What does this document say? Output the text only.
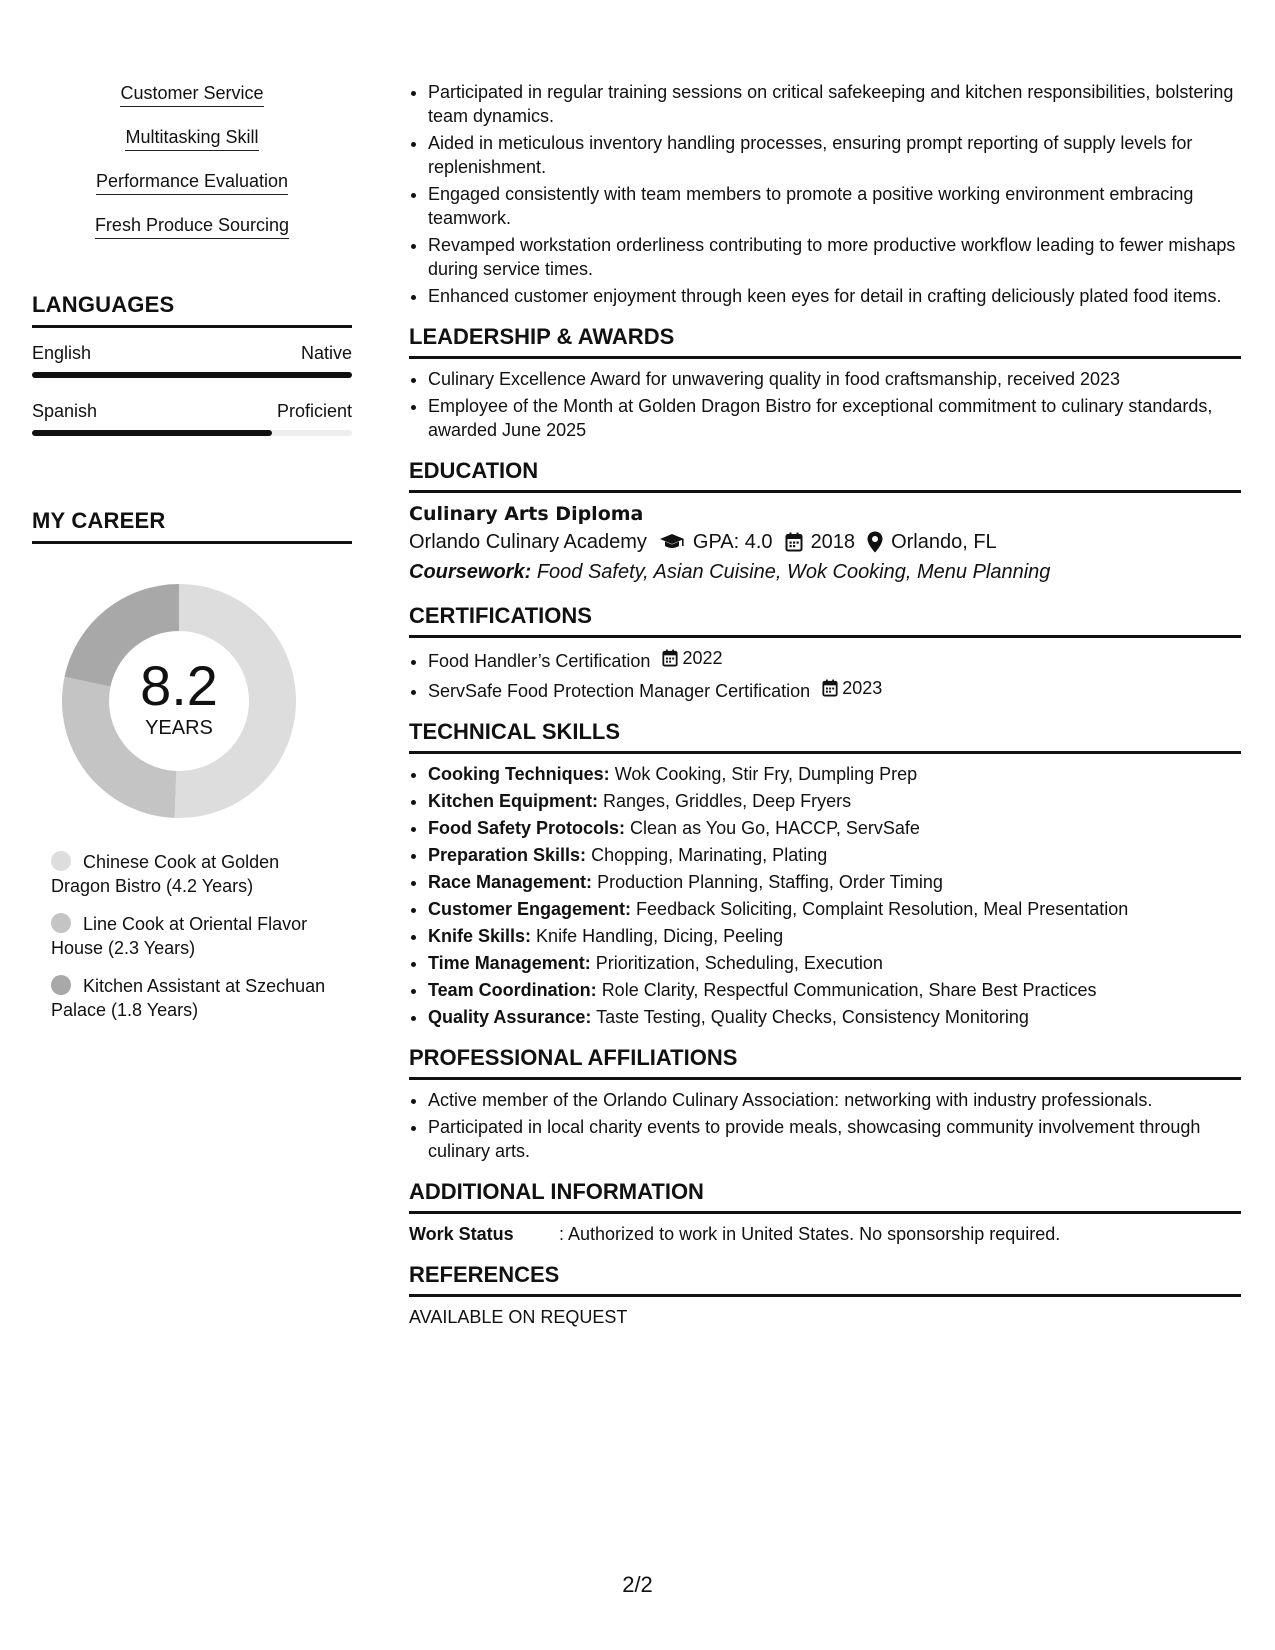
Customer Service
Multitasking Skill
Performance Evaluation
Fresh Produce Sourcing
LANGUAGES
English	Native
Spanish	Proficient
MY CAREER
8.2
YEARS
Chinese Cook at Golden Dragon Bistro (4.2 Years)
Line Cook at Oriental Flavor House (2.3 Years)
Kitchen Assistant at Szechuan Palace (1.8 Years)
• Participated in regular training sessions on critical safekeeping and kitchen responsibilities, bolstering team dynamics.
• Aided in meticulous inventory handling processes, ensuring prompt reporting of supply levels for replenishment.
• Engaged consistently with team members to promote a positive working environment embracing teamwork.
• Revamped workstation orderliness contributing to more productive workflow leading to fewer mishaps during service times.
• Enhanced customer enjoyment through keen eyes for detail in crafting deliciously plated food items.
LEADERSHIP & AWARDS
• Culinary Excellence Award for unwavering quality in food craftsmanship, received 2023
• Employee of the Month at Golden Dragon Bistro for exceptional commitment to culinary standards, awarded June 2025
EDUCATION
Culinary Arts Diploma
Orlando Culinary Academy GPA: 4.0 2018 Orlando, FL
Coursework: Food Safety, Asian Cuisine, Wok Cooking, Menu Planning
CERTIFICATIONS
• Food Handler’s Certification 2022
• ServSafe Food Protection Manager Certification 2023
TECHNICAL SKILLS
• Cooking Techniques: Wok Cooking, Stir Fry, Dumpling Prep
• Kitchen Equipment: Ranges, Griddles, Deep Fryers
• Food Safety Protocols: Clean as You Go, HACCP, ServSafe
• Preparation Skills: Chopping, Marinating, Plating
• Race Management: Production Planning, Staffing, Order Timing
• Customer Engagement: Feedback Soliciting, Complaint Resolution, Meal Presentation
• Knife Skills: Knife Handling, Dicing, Peeling
• Time Management: Prioritization, Scheduling, Execution
• Team Coordination: Role Clarity, Respectful Communication, Share Best Practices
• Quality Assurance: Taste Testing, Quality Checks, Consistency Monitoring
PROFESSIONAL AFFILIATIONS
• Active member of the Orlando Culinary Association: networking with industry professionals.
• Participated in local charity events to provide meals, showcasing community involvement through culinary arts.
ADDITIONAL INFORMATION
Work Status	: Authorized to work in United States. No sponsorship required.
REFERENCES
AVAILABLE ON REQUEST
2/2
